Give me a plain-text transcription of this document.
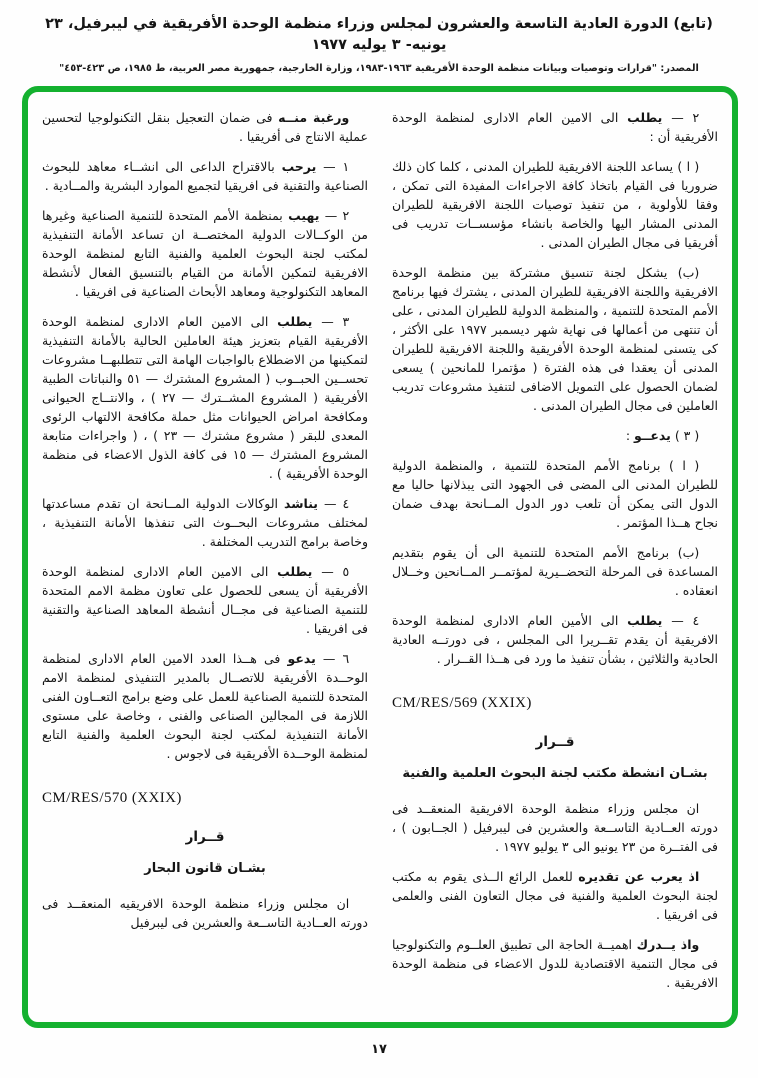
(تابع) الدورة العادية التاسعة والعشرون لمجلس وزراء منظمة الوحدة الأفريقية في ليبرفيل، ٢٣ يونيه- ٣ يوليه ١٩٧٧
المصدر: "قرارات وتوصيات وبيانات منظمة الوحدة الأفريقية ١٩٦٣-١٩٨٣، وزارة الخارجية، جمهورية مصر العربية، ط ١٩٨٥، ص ٤٢٣-٤٥٣"
٢ — يطلب الى الامين العام الادارى لمنظمة الوحدة الأفريقية أن :
( ا ) يساعد اللجنة الافريقية للطيران المدنى ، كلما كان ذلك ضروريا فى القيام باتخاذ كافة الاجراءات المفيدة التى تمكن ، وفقا للأولوية ، من تنفيذ توصيات اللجنة الافريقية للطيران المدنى المشار اليها والخاصة بانشاء مؤسســات تدريب فى أفريقيا فى مجال الطيران المدنى .
(ب) يشكل لجنة تنسيق مشتركة بين منظمة الوحدة الافريقية واللجنة الافريقية للطيران المدنى ، يشترك فيها برنامج الأمم المتحدة للتنمية ، والمنظمة الدولية للطيران المدنى ، على أن تنتهى من أعمالها فى نهاية شهر ديسمبر ١٩٧٧ على الأكثر ، كى يتسنى لمنظمة الوحدة الأفريقية واللجنة الافريقية للطيران المدنى أن يعقدا فى هذه الفترة ( مؤتمرا للمانحين ) يسعى لضمان الحصول على التمويل الاضافى لتنفيذ مشروعات تدريب العاملين فى مجال الطيران المدنى .
( ٣ ) يدعــو :
( ا ) برنامج الأمم المتحدة للتنمية ، والمنظمة الدولية للطيران المدنى الى المضى فى الجهود التى يبذلانها حاليا مع الدول التى يمكن أن تلعب دور الدول المــانحة بهدف ضمان نجاح هــذا المؤتمر .
(ب) برنامج الأمم المتحدة للتنمية الى أن يقوم بتقديم المساعدة فى المرحلة التحضــيرية لمؤتمــر المــانحين وخــلال انعقاده .
٤ — يطلب الى الأمين العام الادارى لمنظمة الوحدة الافريقية أن يقدم تقــريرا الى المجلس ، فى دورتــه العادية الحادية والثلاثين ، بشأن تنفيذ ما ورد فى هــذا القــرار .
CM/RES/569 (XXIX)
قــرار
بشـان انشطة مكتب لجنة البحوث العلمية والفنية
ان مجلس وزراء منظمة الوحدة الافريقية المنعقــد فى دورته العــادية التاســعة والعشرين فى ليبرفيل ( الجــابون ) ، فى الفتــرة من ٢٣ يونيو الى ٣ يوليو ١٩٧٧ .
اذ يعرب عن تقديره للعمل الرائع الــذى يقوم به مكتب لجنة البحوث العلمية والفنية فى مجال التعاون الفنى والعلمى فى افريقيا .
واذ يــدرك اهميــة الحاجة الى تطبيق العلــوم والتكنولوجيا فى مجال التنمية الاقتصادية للدول الاعضاء فى منظمة الوحدة الافريقية .
ورغبة منــه فى ضمان التعجيل بنقل التكنولوجيا لتحسين عملية الانتاج فى أفريقيا .
١ — يرحب بالاقتراح الداعى الى انشــاء معاهد للبحوث الصناعية والتقنية فى افريقيا لتجميع الموارد البشرية والمــادية .
٢ — يهيب بمنظمة الأمم المتحدة للتنمية الصناعية وغيرها من الوكــالات الدولية المختصــة ان تساعد الأمانة التنفيذية لمكتب لجنة البحوث العلمية والفنية التابع لمنظمة الوحدة الافريقية لتمكين الأمانة من القيام بالتنسيق الفعال لأنشطة المعاهد التكنولوجية ومعاهد الأبحاث الصناعية فى افريقيا .
٣ — يطلب الى الامين العام الادارى لمنظمة الوحدة الأفريقية القيام بتعزيز هيئة العاملين الحالية بالأمانة التنفيذية لتمكينها من الاضطلاع بالواجبات الهامة التى تتطلبهــا مشروعات تحســين الحبــوب ( المشروع المشترك — ٥١ والنباتات الطبية الأفريقية ( المشروع المشــترك — ٢٧ ) ، والانتــاج الحيوانى ومكافحة امراض الحيوانات مثل حملة مكافحة الالتهاب الرئوى المعدى للبقر ( مشروع مشترك — ٢٣ ) ، ( واجراءات متابعة المشروع المشترك — ١٥ فى كافة الذول الاعضاء فى منظمة الوحدة الأفريقية ) .
٤ — يناشد الوكالات الدولية المــانحة ان تقدم مساعدتها لمختلف مشروعات البحــوث التى تنفذها الأمانة التنفيذية ، وخاصة برامج التدريب المختلفة .
٥ — يطلب الى الامين العام الادارى لمنظمة الوحدة الأفريقية أن يسعى للحصول على تعاون مظمة الامم المتحدة للتنمية الصناعية فى مجــال أنشطة المعاهد الصناعية والتقنية فى افريقيا .
٦ — يدعو فى هــذا العدد الامين العام الادارى لمنظمة الوحــدة الأفريقية للاتصــال بالمدير التنفيذى لمنظمة الامم المتحدة للتنمية الصناعية للعمل على وضع برامج التعــاون الفنى اللازمة فى المجالين الصناعى والفنى ، وخاصة على مستوى الأمانة التنفيذية لمكتب لجنة البحوث العلمية والفنية التابع لمنظمة الوحــدة الأفريقية فى لاجوس .
CM/RES/570 (XXIX)
قــرار
بشـان قانون البحار
ان مجلس وزراء منظمة الوحدة الافريقيه المنعقــد فى دورته العــادية التاســعة والعشرين فى ليبرفيل
١٧
